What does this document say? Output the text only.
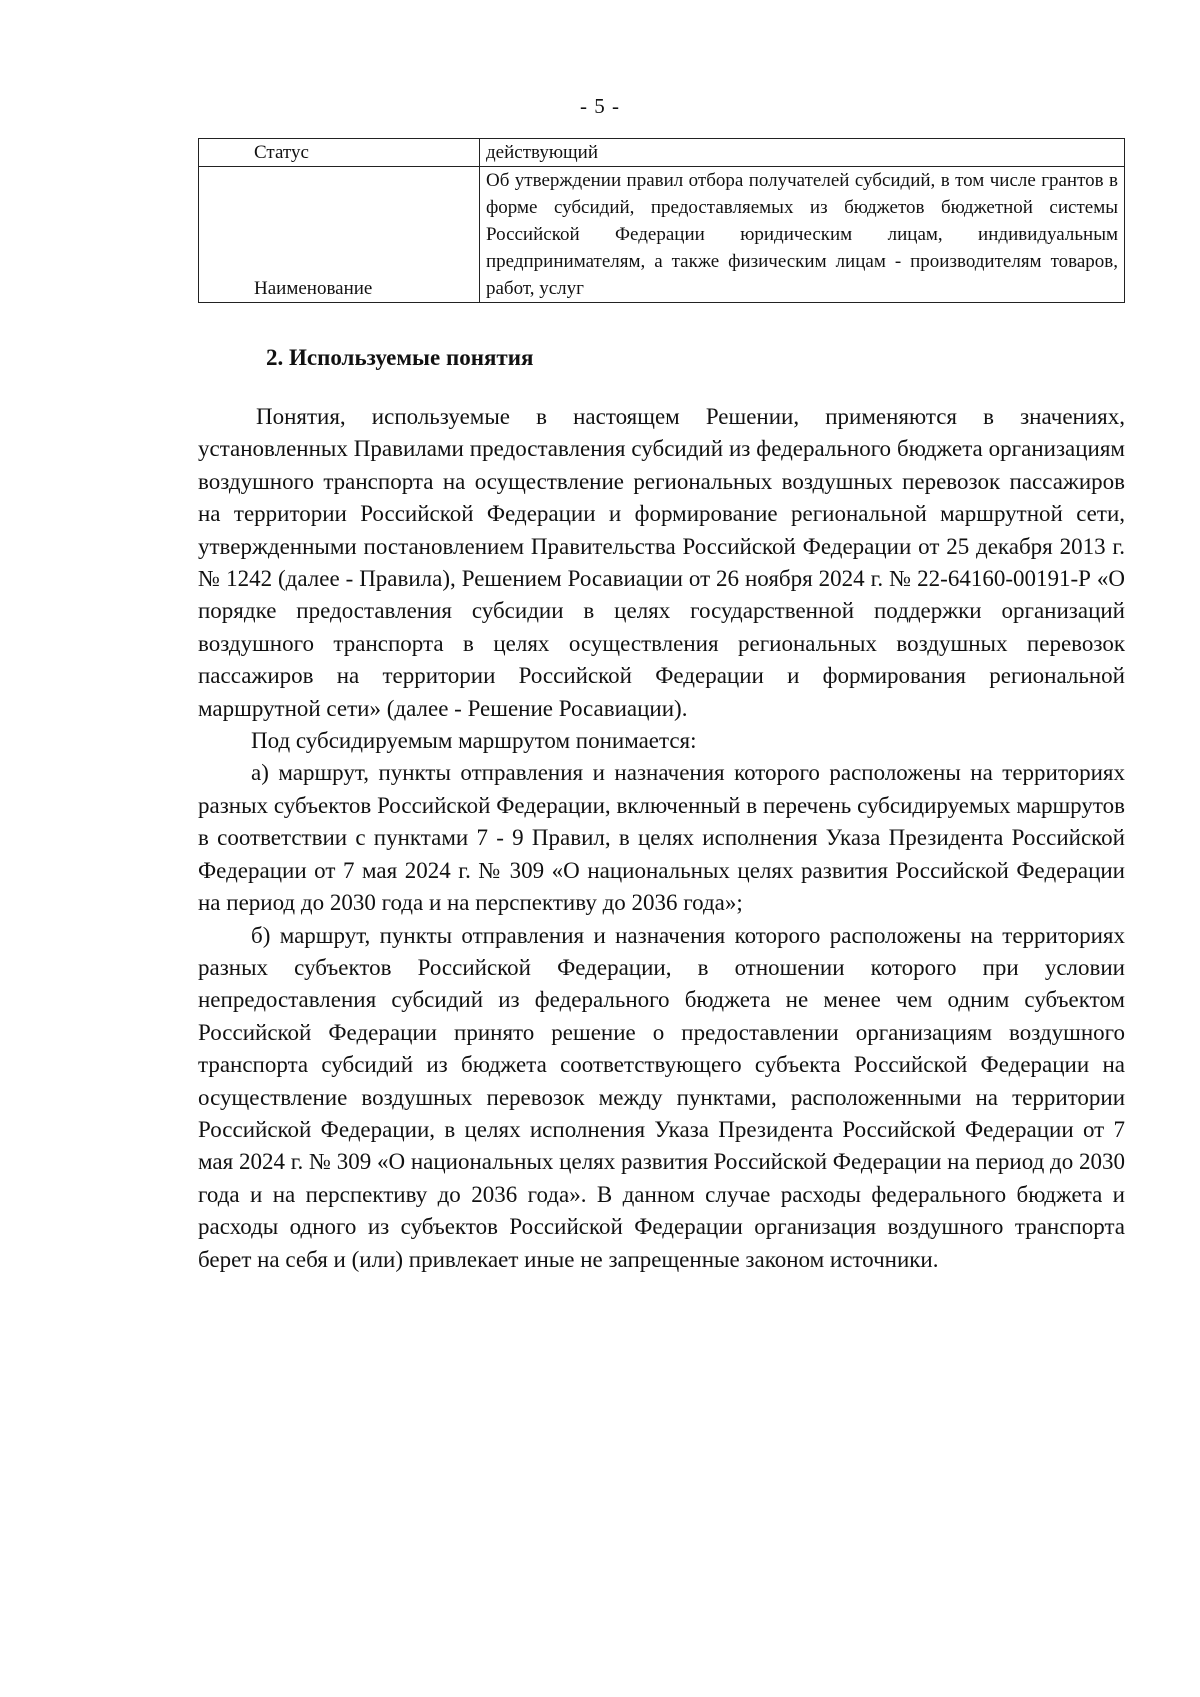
- 5 -
Статус	действующий
Наименование	Об утверждении правил отбора получателей субсидий, в том числе грантов в форме субсидий, предоставляемых из бюджетов бюджетной системы Российской Федерации юридическим лицам, индивидуальным предпринимателям, а также физическим лицам - производителям товаров, работ, услуг
2. Используемые понятия

Понятия, используемые в настоящем Решении, применяются в значениях, установленных Правилами предоставления субсидий из федерального бюджета организациям воздушного транспорта на осуществление региональных воздушных перевозок пассажиров на территории Российской Федерации и формирование региональной маршрутной сети, утвержденными постановлением Правительства Российской Федерации от 25 декабря 2013 г. № 1242 (далее - Правила), Решением Росавиации от 26 ноября 2024 г. № 22-64160-00191-Р «О порядке предоставления субсидии в целях государственной поддержки организаций воздушного транспорта в целях осуществления региональных воздушных перевозок пассажиров на территории Российской Федерации и формирования региональной маршрутной сети» (далее - Решение Росавиации).

Под субсидируемым маршрутом понимается:

а) маршрут, пункты отправления и назначения которого расположены на территориях разных субъектов Российской Федерации, включенный в перечень субсидируемых маршрутов в соответствии с пунктами 7 - 9 Правил, в целях исполнения Указа Президента Российской Федерации от 7 мая 2024 г. № 309 «О национальных целях развития Российской Федерации на период до 2030 года и на перспективу до 2036 года»;

б) маршрут, пункты отправления и назначения которого расположены на территориях разных субъектов Российской Федерации, в отношении которого при условии непредоставления субсидий из федерального бюджета не менее чем одним субъектом Российской Федерации принято решение о предоставлении организациям воздушного транспорта субсидий из бюджета соответствующего субъекта Российской Федерации на осуществление воздушных перевозок между пунктами, расположенными на территории Российской Федерации, в целях исполнения Указа Президента Российской Федерации от 7 мая 2024 г. № 309 «О национальных целях развития Российской Федерации на период до 2030 года и на перспективу до 2036 года». В данном случае расходы федерального бюджета и расходы одного из субъектов Российской Федерации организация воздушного транспорта берет на себя и (или) привлекает иные не запрещенные законом источники.
